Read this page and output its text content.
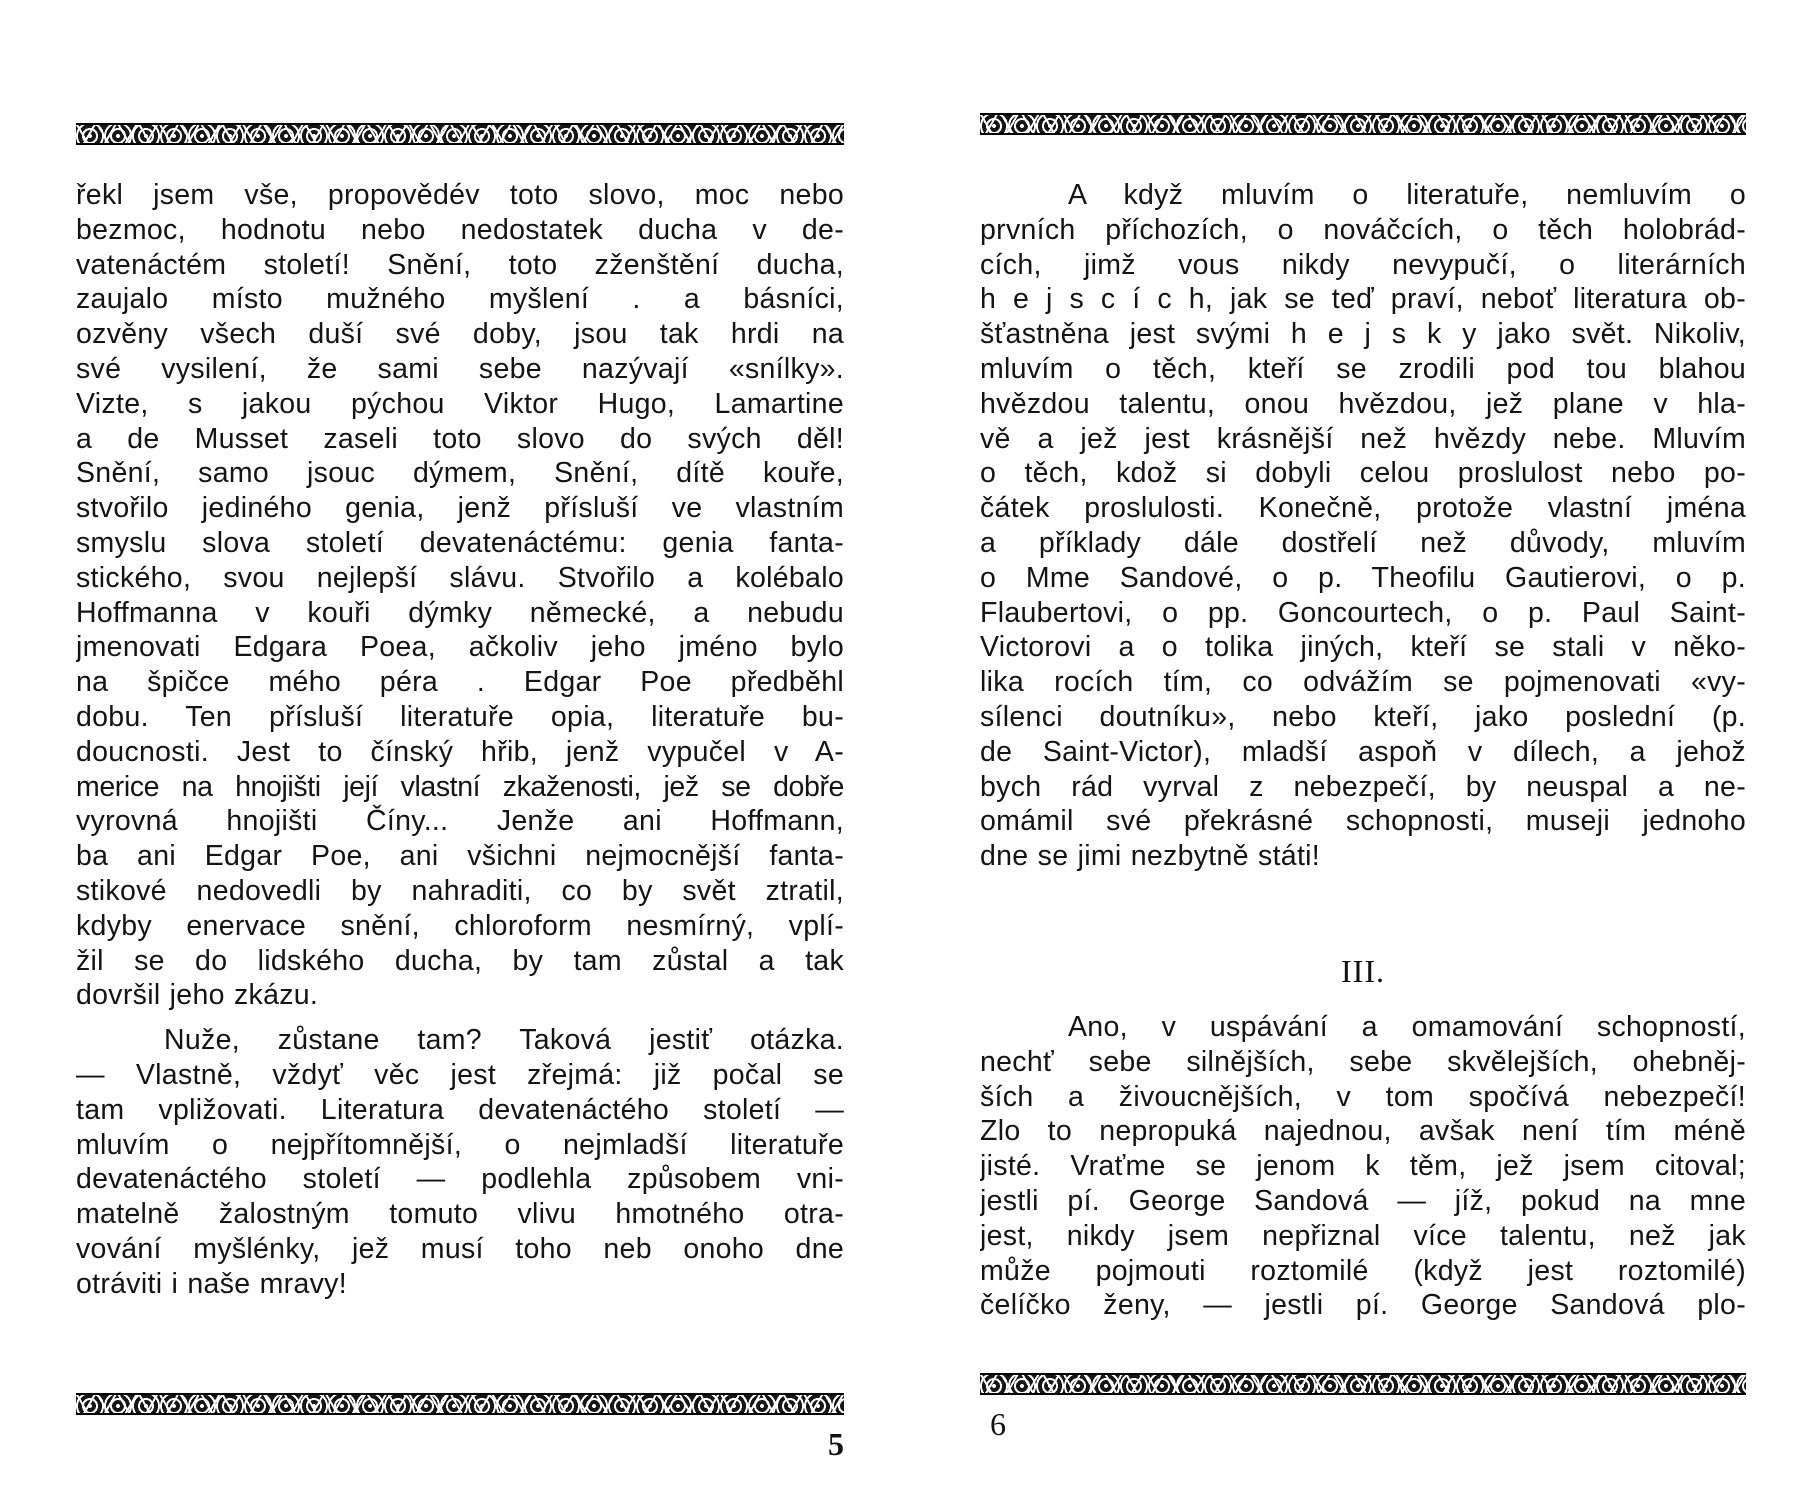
řekl jsem vše, propovědév toto slovo, moc nebo
bezmoc, hodnotu nebo nedostatek ducha v de-
vatenáctém století! Snění, toto zženštění ducha,
zaujalo místo mužného myšlení . a básníci,
ozvěny všech duší své doby, jsou tak hrdi na
své vysilení, že sami sebe nazývají «snílky».
Vizte, s jakou pýchou Viktor Hugo, Lamartine
a de Musset zaseli toto slovo do svých děl!
Snění, samo jsouc dýmem, Snění, dítě kouře,
stvořilo jediného genia, jenž přísluší ve vlastním
smyslu slova století devatenáctému: genia fanta-
stického, svou nejlepší slávu. Stvořilo a kolébalo
Hoffmanna v kouři dýmky německé, a nebudu
jmenovati Edgara Poea, ačkoliv jeho jméno bylo
na špičce mého péra . Edgar Poe předběhl
dobu. Ten přísluší literatuře opia, literatuře bu-
doucnosti. Jest to čínský hřib, jenž vypučel v A-
merice na hnojišti její vlastní zkaženosti, jež se dobře
vyrovná hnojišti Číny... Jenže ani Hoffmann,
ba ani Edgar Poe, ani všichni nejmocnější fanta-
stikové nedovedli by nahraditi, co by svět ztratil,
kdyby enervace snění, chloroform nesmírný, vplí-
žil se do lidského ducha, by tam zůstal a tak
dovršil jeho zkázu.
Nuže, zůstane tam? Taková jestiť otázka.
— Vlastně, vždyť věc jest zřejmá: již počal se
tam vpližovati. Literatura devatenáctého století —
mluvím o nejpřítomnější, o nejmladší literatuře
devatenáctého století — podlehla způsobem vni-
matelně žalostným tomuto vlivu hmotného otra-
vování myšlénky, jež musí toho neb onoho dne
otráviti i naše mravy!
5
A když mluvím o literatuře, nemluvím o
prvních příchozích, o nováčcích, o těch holobrád-
cích, jimž vous nikdy nevypučí, o literárních
h e j s c í c h, jak se teď praví, neboť literatura ob-
šťastněna jest svými h e j s k y jako svět. Nikoliv,
mluvím o těch, kteří se zrodili pod tou blahou
hvězdou talentu, onou hvězdou, jež plane v hla-
vě a jež jest krásnější než hvězdy nebe. Mluvím
o těch, kdož si dobyli celou proslulost nebo po-
čátek proslulosti. Konečně, protože vlastní jména
a příklady dále dostřelí než důvody, mluvím
o Mme Sandové, o p. Theofilu Gautierovi, o p.
Flaubertovi, o pp. Goncourtech, o p. Paul Saint-
Victorovi a o tolika jiných, kteří se stali v někо-
lika rocích tím, co odvážím se pojmenovati «vy-
sílenci doutníku», nebo kteří, jako poslední (p.
de Saint-Victor), mladší aspoň v dílech, a jehož
bych rád vyrval z nebezpečí, by neuspal a ne-
omámil své překrásné schopnosti, museji jednoho
dne se jimi nezbytně státi!
III.
Ano, v uspávání a omamování schopností,
nechť sebe silnějších, sebe skvělejších, ohebněj-
ších a živoucnějších, v tom spočívá nebezpečí!
Zlo to nepropuká najednou, avšak není tím méně
jisté. Vraťme se jenom k těm, jež jsem citoval;
jestli pí. George Sandová — jíž, pokud na mne
jest, nikdy jsem nepřiznal více talentu, než jak
může pojmouti roztomilé (když jest roztomilé)
čelíčko ženy, — jestli pí. George Sandová plo-
6
